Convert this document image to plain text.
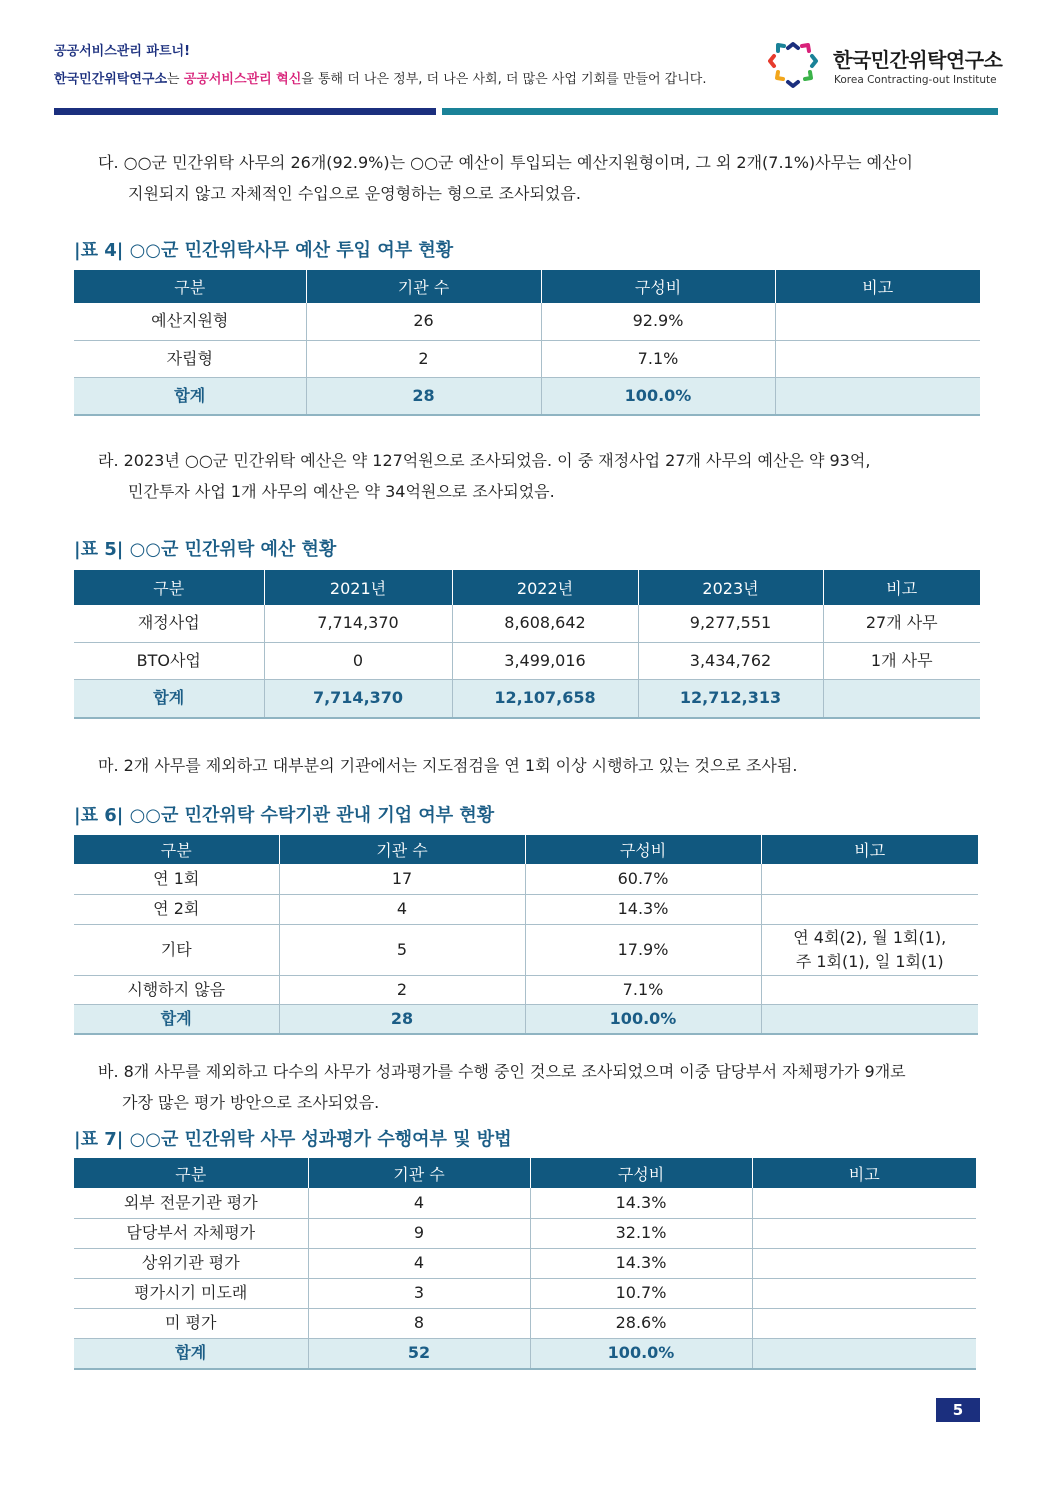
공공서비스관리 파트너!
한국민간위탁연구소는 공공서비스관리 혁신을 통해 더 나은 정부, 더 나은 사회, 더 많은 사업 기회를 만들어 갑니다.
한국민간위탁연구소
Korea Contracting-out Institute
다. ○○군 민간위탁 사무의 26개(92.9%)는 ○○군 예산이 투입되는 예산지원형이며, 그 외 2개(7.1%)사무는 예산이
지원되지 않고 자체적인 수입으로 운영형하는 형으로 조사되었음.
|표 4| ○○군 민간위탁사무 예산 투입 여부 현황
구분	기관 수	구성비	비고
예산지원형	26	92.9%	
자립형	2	7.1%	
합계	28	100.0%	
라. 2023년 ○○군 민간위탁 예산은 약 127억원으로 조사되었음. 이 중 재정사업 27개 사무의 예산은 약 93억,
민간투자 사업 1개 사무의 예산은 약 34억원으로 조사되었음.
|표 5| ○○군 민간위탁 예산 현황
구분	2021년	2022년	2023년	비고
재정사업	7,714,370	8,608,642	9,277,551	27개 사무
BTO사업	0	3,499,016	3,434,762	1개 사무
합계	7,714,370	12,107,658	12,712,313	
마. 2개 사무를 제외하고 대부분의 기관에서는 지도점검을 연 1회 이상 시행하고 있는 것으로 조사됨.
|표 6| ○○군 민간위탁 수탁기관 관내 기업 여부 현황
구분	기관 수	구성비	비고
연 1회	17	60.7%	
연 2회	4	14.3%	
기타	5	17.9%	연 4회(2), 월 1회(1),
주 1회(1), 일 1회(1)
시행하지 않음	2	7.1%	
합계	28	100.0%	
바. 8개 사무를 제외하고 다수의 사무가 성과평가를 수행 중인 것으로 조사되었으며 이중 담당부서 자체평가가 9개로
가장 많은 평가 방안으로 조사되었음.
|표 7| ○○군 민간위탁 사무 성과평가 수행여부 및 방법
구분	기관 수	구성비	비고
외부 전문기관 평가	4	14.3%	
담당부서 자체평가	9	32.1%	
상위기관 평가	4	14.3%	
평가시기 미도래	3	10.7%	
미 평가	8	28.6%	
합계	52	100.0%	
5
